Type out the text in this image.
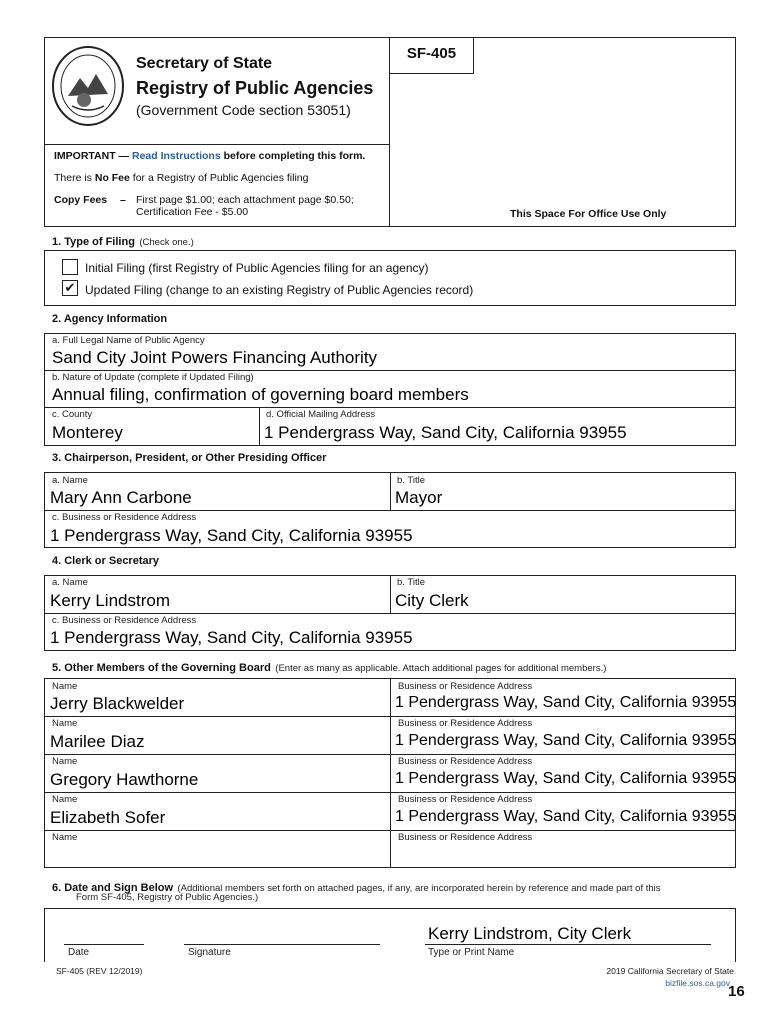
SF-405
Secretary of State
Registry of Public Agencies
(Government Code section 53051)
IMPORTANT — Read Instructions before completing this form.
There is No Fee for a Registry of Public Agencies filing
Copy Fees – First page $1.00; each attachment page $0.50;
Certification Fee - $5.00	This Space For Office Use Only
1. Type of Filing (Check one.)
Initial Filing (first Registry of Public Agencies filing for an agency)
✔ Updated Filing (change to an existing Registry of Public Agencies record)
2. Agency Information
a. Full Legal Name of Public Agency
Sand City Joint Powers Financing Authority
b. Nature of Update (complete if Updated Filing)
Annual filing, confirmation of governing board members
c. County
Monterey
d. Official Mailing Address
1 Pendergrass Way, Sand City, California 93955
3. Chairperson, President, or Other Presiding Officer
a. Name
Mary Ann Carbone
b. Title
Mayor
c. Business or Residence Address
1 Pendergrass Way, Sand City, California 93955
4. Clerk or Secretary
a. Name
Kerry Lindstrom
b. Title
City Clerk
c. Business or Residence Address
1 Pendergrass Way, Sand City, California 93955
5. Other Members of the Governing Board (Enter as many as applicable. Attach additional pages for additional members.)
Name	Business or Residence Address
Jerry Blackwelder	1 Pendergrass Way, Sand City, California 93955
Name	Business or Residence Address
Marilee Diaz	1 Pendergrass Way, Sand City, California 93955
Name	Business or Residence Address
Gregory Hawthorne	1 Pendergrass Way, Sand City, California 93955
Name	Business or Residence Address
Elizabeth Sofer	1 Pendergrass Way, Sand City, California 93955
Name	Business or Residence Address
6. Date and Sign Below (Additional members set forth on attached pages, if any, are incorporated herein by reference and made part of this
Form SF-405, Registry of Public Agencies.)
Kerry Lindstrom, City Clerk
Date	Signature	Type or Print Name
SF-405 (REV 12/2019)	2019 California Secretary of State
bizfile.sos.ca.gov
16
